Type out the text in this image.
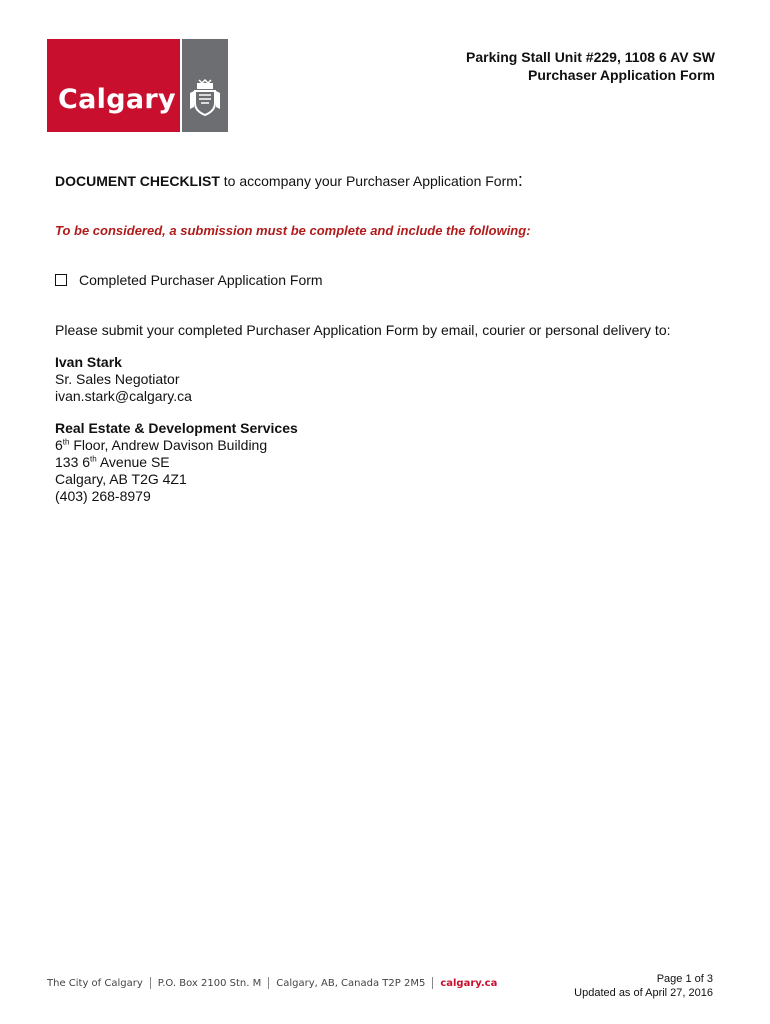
Calgary
Parking Stall Unit #229, 1108 6 AV SW
Purchaser Application Form
DOCUMENT CHECKLIST to accompany your Purchaser Application Form:
To be considered, a submission must be complete and include the following:
Completed Purchaser Application Form
Please submit your completed Purchaser Application Form by email, courier or personal delivery to:
Ivan Stark
Sr. Sales Negotiator
ivan.stark@calgary.ca
Real Estate & Development Services
6th Floor, Andrew Davison Building
133 6th Avenue SE
Calgary, AB T2G 4Z1
(403) 268-8979
The City of Calgary P.O. Box 2100 Stn. M Calgary, AB, Canada T2P 2M5 calgary.ca	Page 1 of 3
Updated as of April 27, 2016
